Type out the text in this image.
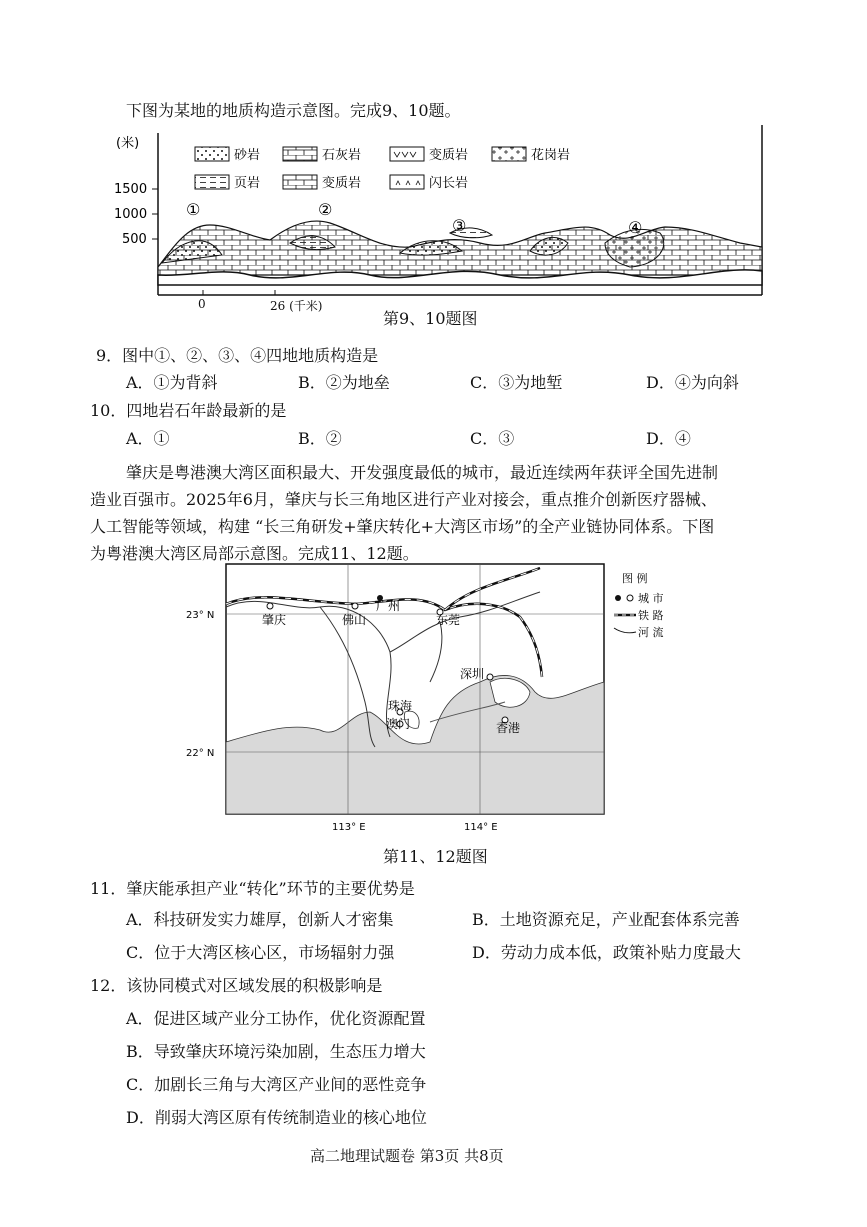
下图为某地的地质构造示意图。完成9、10题。
(米)
1500
1000
500
砂岩	石灰岩	变质岩	花岗岩
页岩	变质岩	闪长岩
①	②
③	④
0	26 (千米)
第9、10题图
9．图中①、②、③、④四地地质构造是
A．①为背斜	B．②为地垒	C．③为地堑	D．④为向斜
10．四地岩石年龄最新的是
A．①	B．②	C．③	D．④
肇庆是粤港澳大湾区面积最大、开发强度最低的城市，最近连续两年获评全国先进制
造业百强市。2025年6月，肇庆与长三角地区进行产业对接会，重点推介创新医疗器械、
人工智能等领域，构建 “长三角研发+肇庆转化+大湾区市场”的全产业链协同体系。下图
为粤港澳大湾区局部示意图。完成11、12题。
肇庆	佛山
广州
东莞
深圳
珠海
澳门	香港
23° N
22° N
113° E	114° E
图 例
城 市
铁 路
河 流
第11、12题图
11．肇庆能承担产业“转化”环节的主要优势是
A．科技研发实力雄厚，创新人才密集	B．土地资源充足，产业配套体系完善
C．位于大湾区核心区，市场辐射力强	D．劳动力成本低，政策补贴力度最大
12．该协同模式对区域发展的积极影响是
A．促进区域产业分工协作，优化资源配置
B．导致肇庆环境污染加剧，生态压力增大
C．加剧长三角与大湾区产业间的恶性竞争
D．削弱大湾区原有传统制造业的核心地位
高二地理试题卷 第3页 共8页
